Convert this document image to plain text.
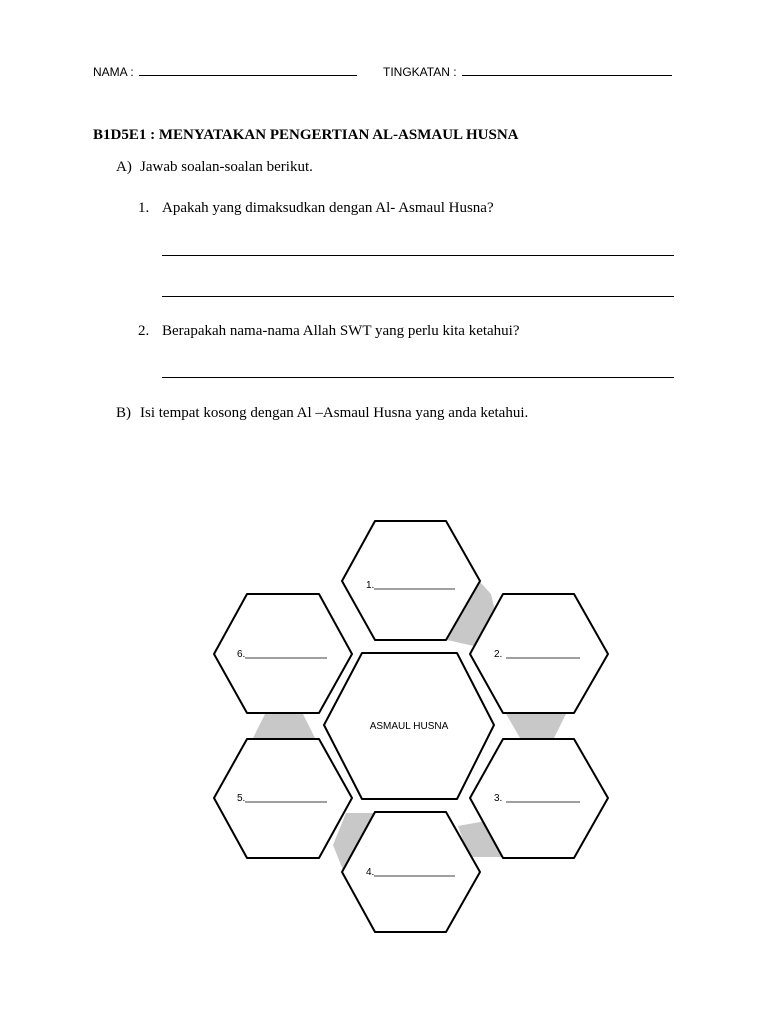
NAMA :	TINGKATAN :
B1D5E1 : MENYATAKAN PENGERTIAN AL-ASMAUL HUSNA
A) Jawab soalan-soalan berikut.
1. Apakah yang dimaksudkan dengan Al- Asmaul Husna?
2. Berapakah nama-nama Allah SWT yang perlu kita ketahui?
B) Isi tempat kosong dengan Al –Asmaul Husna yang anda ketahui.
ASMAUL HUSNA
1.
2.
3.
4.
5.
6.
